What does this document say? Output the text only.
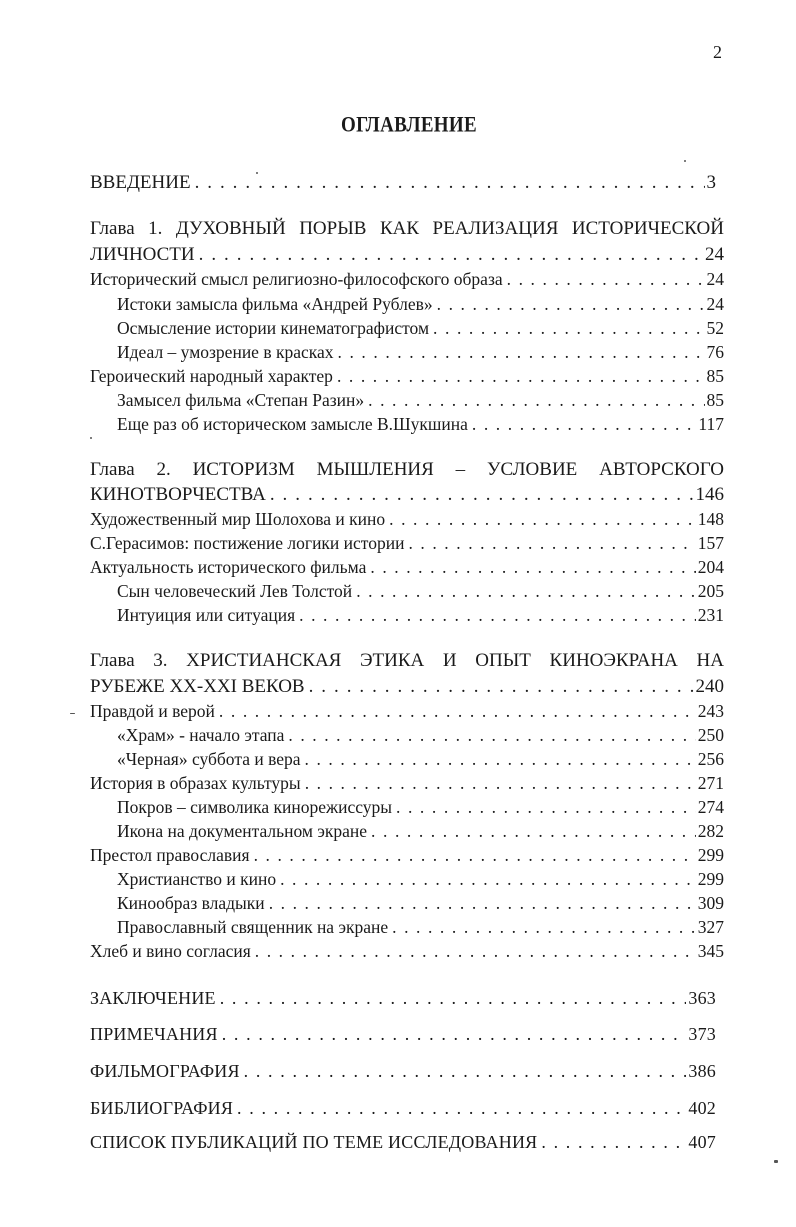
2
ОГЛАВЛЕНИЕ
ВВЕДЕНИЕ . . .	3
Глава 1. ДУХОВНЫЙ ПОРЫВ КАК РЕАЛИЗАЦИЯ ИСТОРИЧЕСКОЙ
ЛИЧНОСТИ . . .	24
Исторический смысл религиозно-философского образа . . .	24
Истоки замысла фильма «Андрей Рублев» . . .	24
Осмысление истории кинематографистом . . .	52
Идеал – умозрение в красках . . .	76
Героический народный характер . . .	85
Замысел фильма «Степан Разин» . . .	85
Еще раз об историческом замысле В.Шукшина . . .	117
Глава 2. ИСТОРИЗМ МЫШЛЕНИЯ – УСЛОВИЕ АВТОРСКОГО
КИНОТВОРЧЕСТВА . . .	146
Художественный мир Шолохова и кино . . .	148
С.Герасимов: постижение логики истории . . .	157
Актуальность исторического фильма . . .	204
Сын человеческий Лев Толстой . . .	205
Интуиция или ситуация . . .	231
Глава 3. ХРИСТИАНСКАЯ ЭТИКА И ОПЫТ КИНОЭКРАНА НА
РУБЕЖЕ XX-XXI ВЕКОВ . . .	240
Правдой и верой . . .	243
«Храм» - начало этапа . . .	250
«Черная» суббота и вера . . .	256
История в образах культуры . . .	271
Покров – символика кинорежиссуры . . .	274
Икона на документальном экране . . .	282
Престол православия . . .	299
Христианство и кино . . .	299
Кинообраз владыки . . .	309
Православный священник на экране . . .	327
Хлеб и вино согласия . . .	345
ЗАКЛЮЧЕНИЕ . . .	363
ПРИМЕЧАНИЯ . . .	373
ФИЛЬМОГРАФИЯ . . .	386
БИБЛИОГРАФИЯ . . .	402
СПИСОК ПУБЛИКАЦИЙ ПО ТЕМЕ ИССЛЕДОВАНИЯ . . .	407
